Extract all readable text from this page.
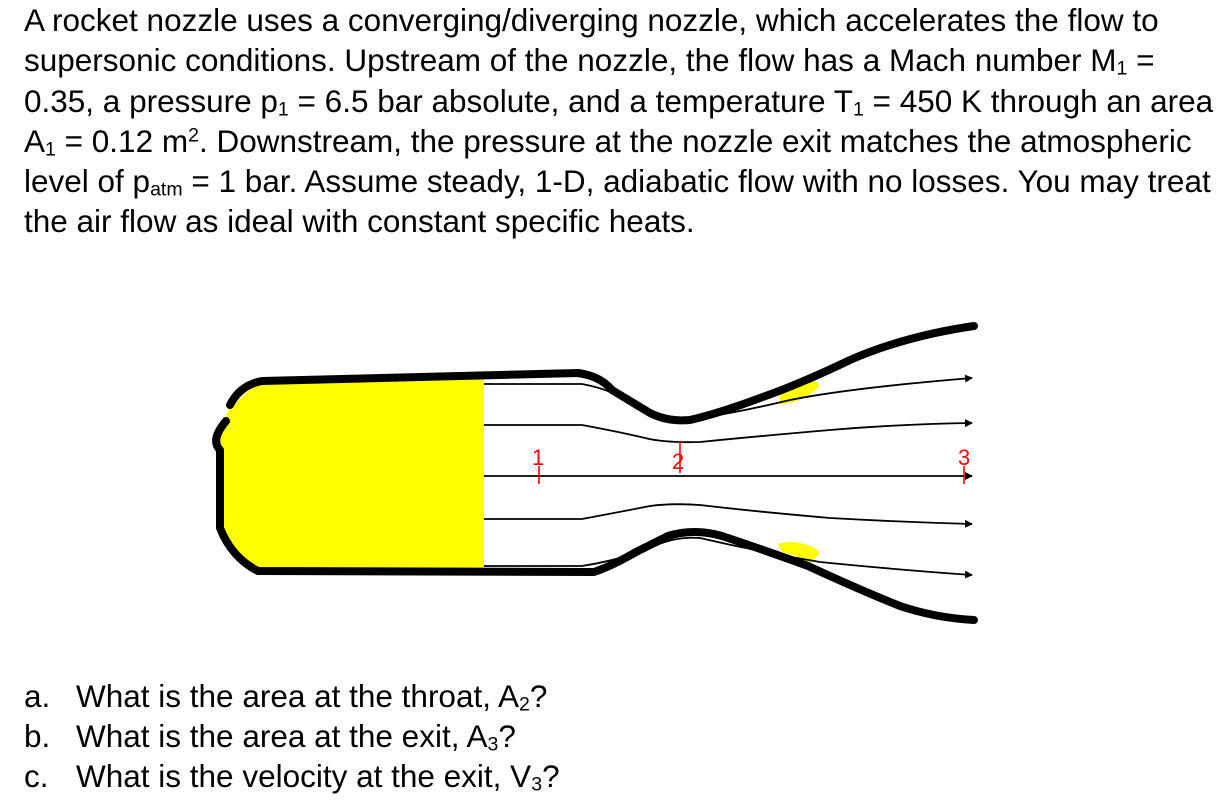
A rocket nozzle uses a converging/diverging nozzle, which accelerates the flow to supersonic conditions. Upstream of the nozzle, the flow has a Mach number $M_1 = 0.35$, a pressure $p_1 = 6.5$ bar absolute, and a temperature $T_1 = 450$ K through an area $A_1 = 0.12$ $m^2$. Downstream, the pressure at the nozzle exit matches the atmospheric level of $p_{atm} = 1$ bar. Assume steady, 1-D, adiabatic flow with no losses. You may treat the air flow as ideal with constant specific heats.

1	2	3
a. What is the area at the throat, $A_2$?
b. What is the area at the exit, $A_3$?
c. What is the velocity at the exit, $V_3$?
